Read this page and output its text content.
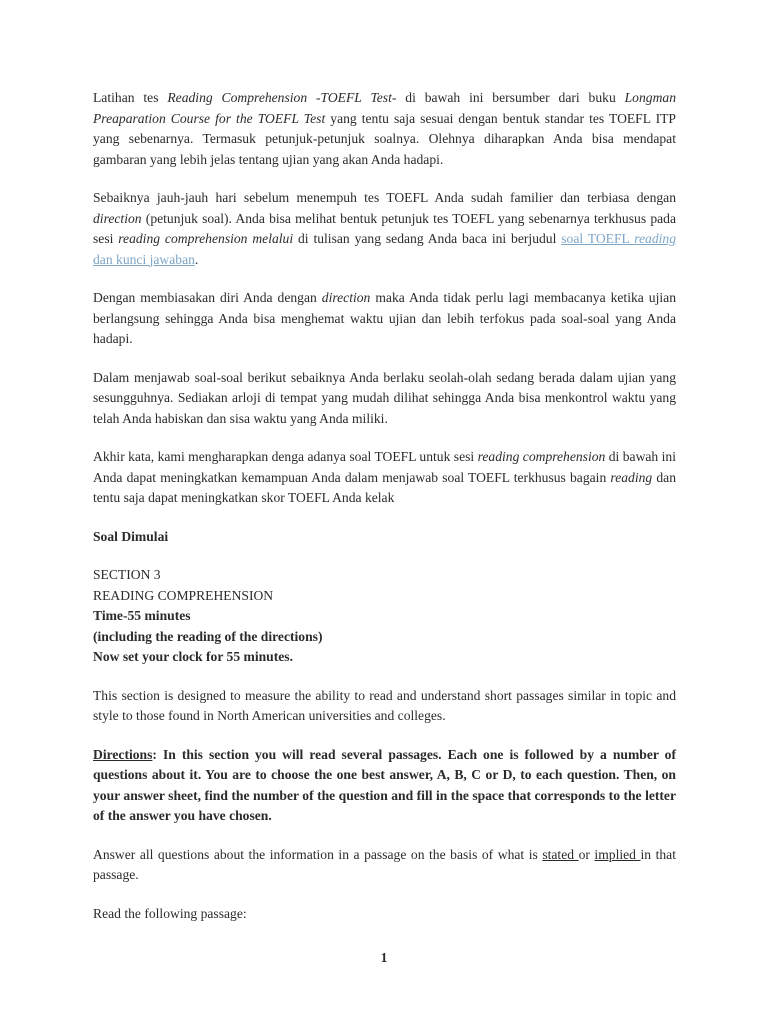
Latihan tes Reading Comprehension -TOEFL Test- di bawah ini bersumber dari buku Longman Preaparation Course for the TOEFL Test yang tentu saja sesuai dengan bentuk standar tes TOEFL ITP yang sebenarnya. Termasuk petunjuk-petunjuk soalnya. Olehnya diharapkan Anda bisa mendapat gambaran yang lebih jelas tentang ujian yang akan Anda hadapi.

Sebaiknya jauh-jauh hari sebelum menempuh tes TOEFL Anda sudah familier dan terbiasa dengan direction (petunjuk soal). Anda bisa melihat bentuk petunjuk tes TOEFL yang sebenarnya terkhusus pada sesi reading comprehension melalui di tulisan yang sedang Anda baca ini berjudul soal TOEFL reading dan kunci jawaban.

Dengan membiasakan diri Anda dengan direction maka Anda tidak perlu lagi membacanya ketika ujian berlangsung sehingga Anda bisa menghemat waktu ujian dan lebih terfokus pada soal-soal yang Anda hadapi.

Dalam menjawab soal-soal berikut sebaiknya Anda berlaku seolah-olah sedang berada dalam ujian yang sesungguhnya. Sediakan arloji di tempat yang mudah dilihat sehingga Anda bisa menkontrol waktu yang telah Anda habiskan dan sisa waktu yang Anda miliki.

Akhir kata, kami mengharapkan denga adanya soal TOEFL untuk sesi reading comprehension di bawah ini Anda dapat meningkatkan kemampuan Anda dalam menjawab soal TOEFL terkhusus bagain reading dan tentu saja dapat meningkatkan skor TOEFL Anda kelak

Soal Dimulai

SECTION 3
READING COMPREHENSION
Time-55 minutes
(including the reading of the directions)
Now set your clock for 55 minutes.

This section is designed to measure the ability to read and understand short passages similar in topic and style to those found in North American universities and colleges.

Directions: In this section you will read several passages. Each one is followed by a number of questions about it. You are to choose the one best answer, A, B, C or D, to each question. Then, on your answer sheet, find the number of the question and fill in the space that corresponds to the letter of the answer you have chosen.

Answer all questions about the information in a passage on the basis of what is stated or implied in that passage.

Read the following passage:

1
